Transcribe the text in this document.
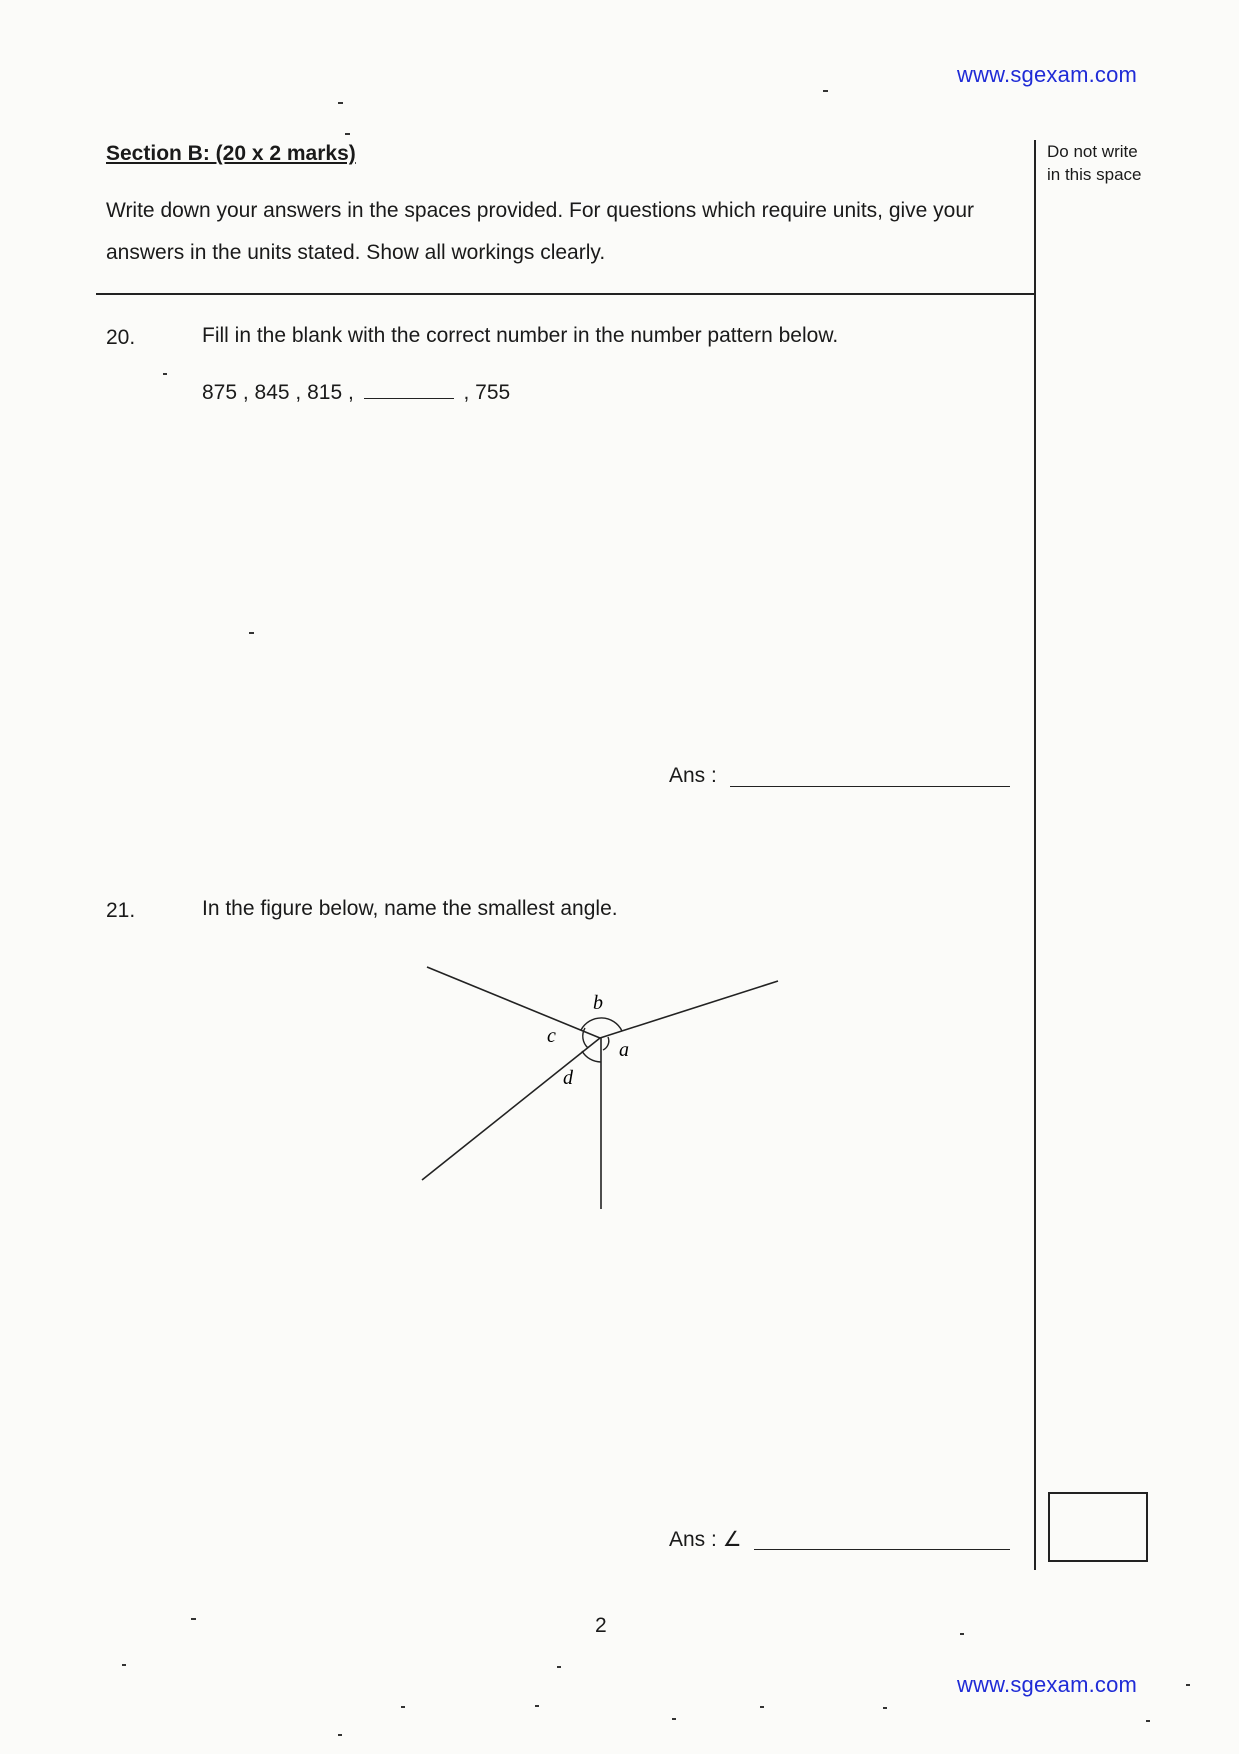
www.sgexam.com
Section B: (20 x 2 marks)
Write down your answers in the spaces provided. For questions which require units, give your answers in the units stated. Show all workings clearly.
Do not write
in this space
20.	Fill in the blank with the correct number in the number pattern below.
875 , 845 , 815 ,	, 755
Ans :
21.	In the figure below, name the smallest angle.
b
c
a
d
Ans : ∠
2
www.sgexam.com
